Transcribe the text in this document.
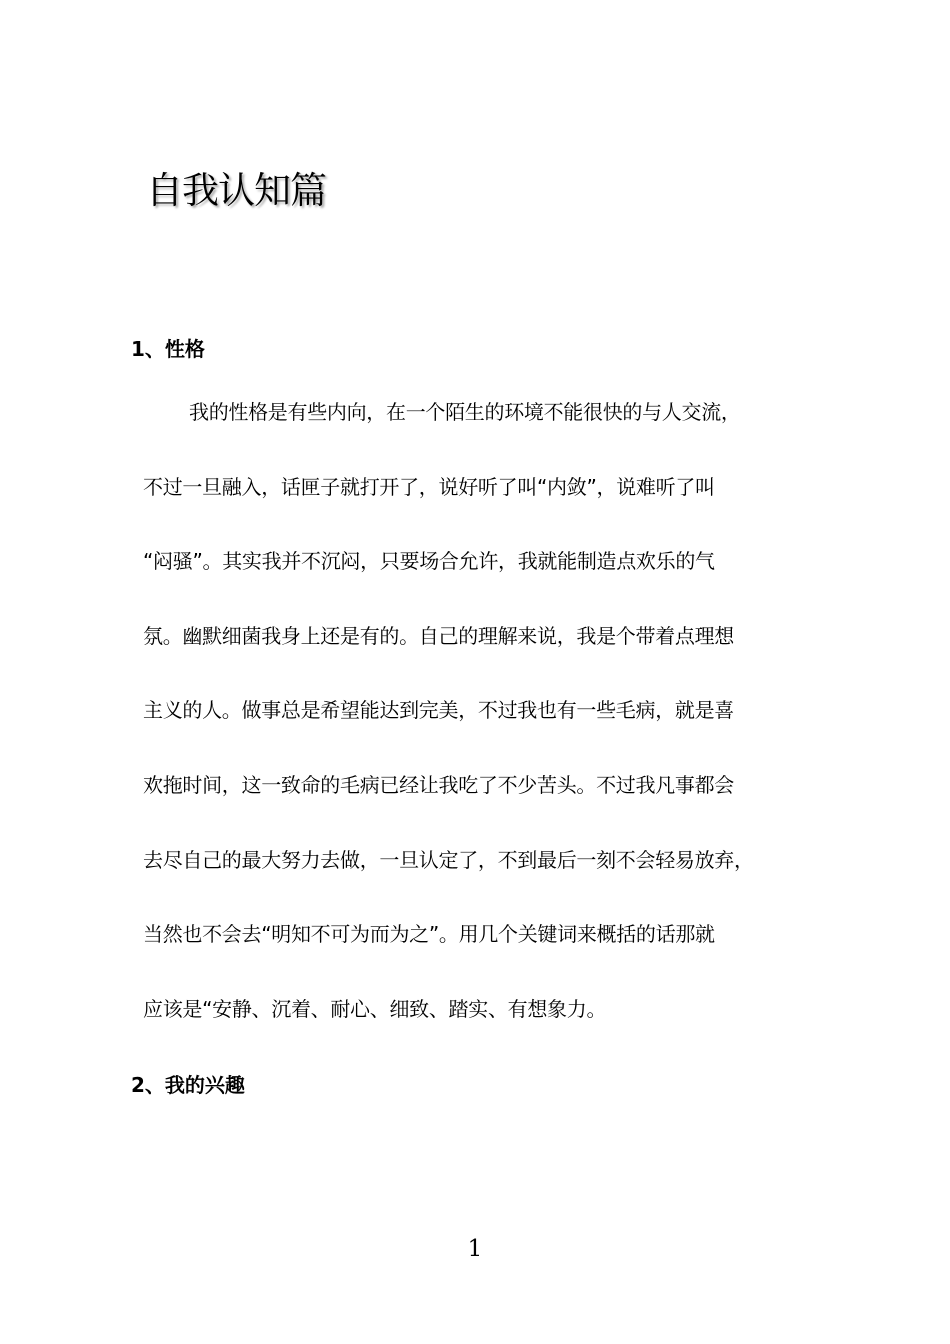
自我认知篇
1、性格
我的性格是有些内向，在一个陌生的环境不能很快的与人交流，
不过一旦融入，话匣子就打开了，说好听了叫“内敛”，说难听了叫
“闷骚”。其实我并不沉闷，只要场合允许，我就能制造点欢乐的气
氛。幽默细菌我身上还是有的。自己的理解来说，我是个带着点理想
主义的人。做事总是希望能达到完美，不过我也有一些毛病，就是喜
欢拖时间，这一致命的毛病已经让我吃了不少苦头。不过我凡事都会
去尽自己的最大努力去做，一旦认定了，不到最后一刻不会轻易放弃，
当然也不会去“明知不可为而为之”。用几个关键词来概括的话那就
应该是“安静、沉着、耐心、细致、踏实、有想象力。
2、我的兴趣
1
